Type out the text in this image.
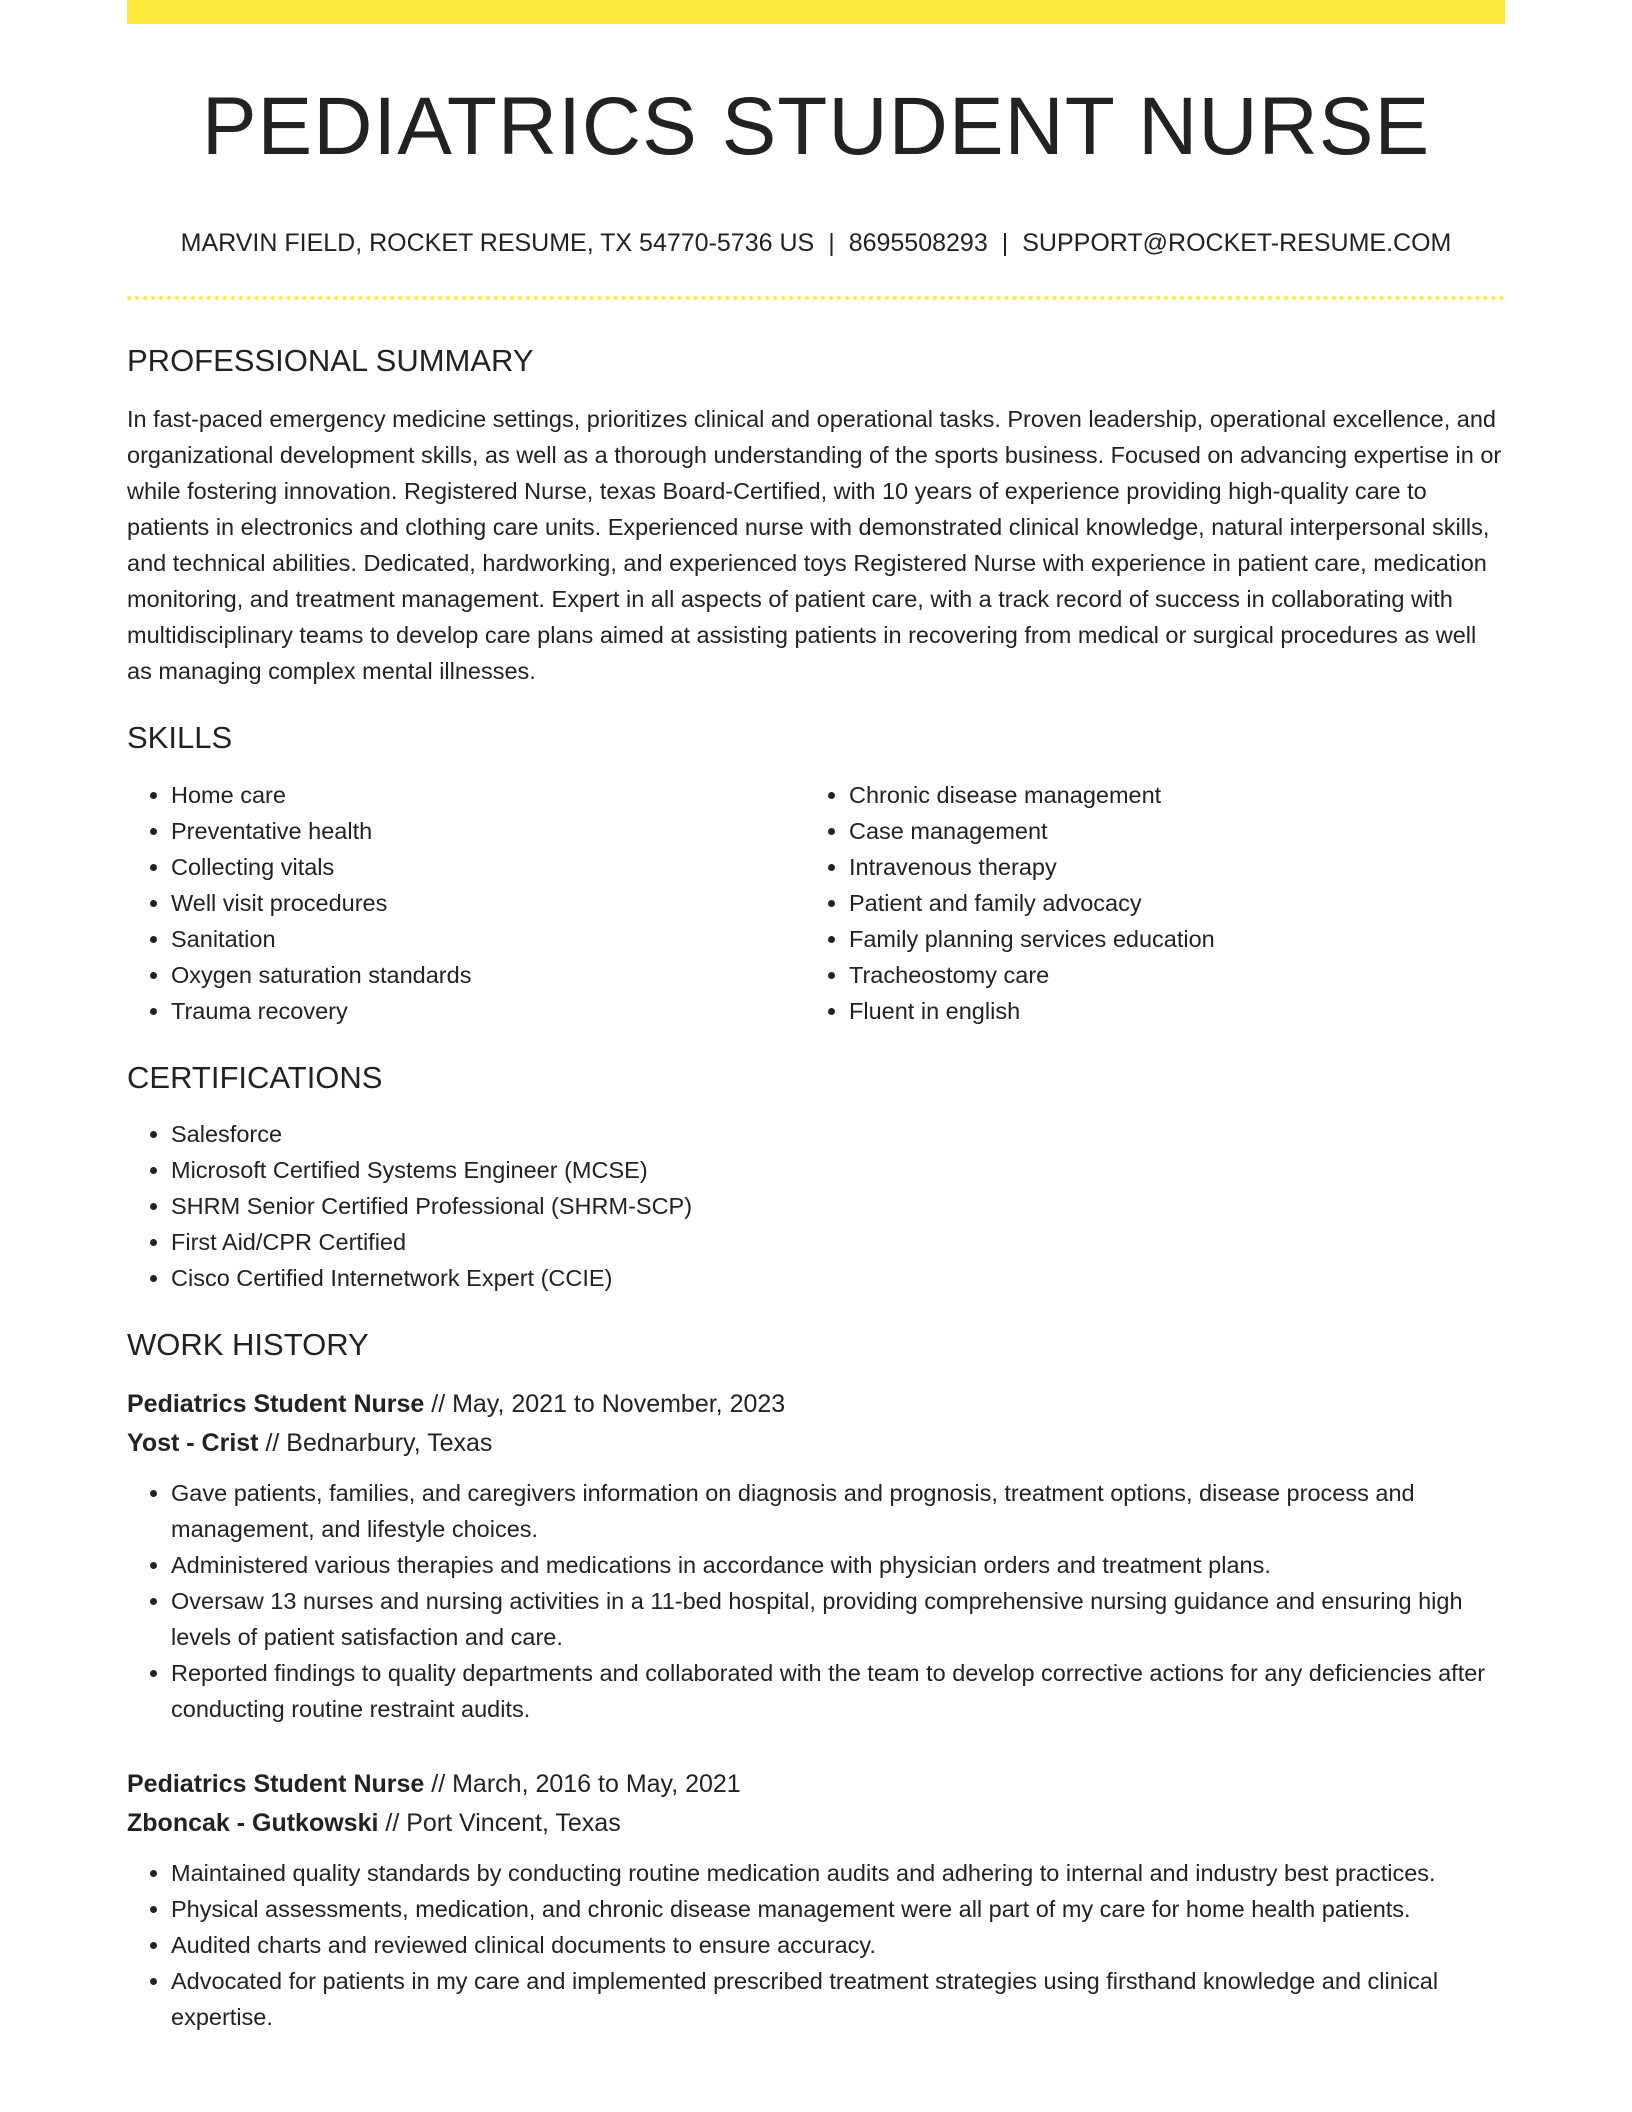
PEDIATRICS STUDENT NURSE
MARVIN FIELD, ROCKET RESUME, TX 54770-5736 US | 8695508293 | SUPPORT@ROCKET-RESUME.COM
PROFESSIONAL SUMMARY
In fast-paced emergency medicine settings, prioritizes clinical and operational tasks. Proven leadership, operational excellence, and organizational development skills, as well as a thorough understanding of the sports business. Focused on advancing expertise in or while fostering innovation. Registered Nurse, texas Board-Certified, with 10 years of experience providing high-quality care to patients in electronics and clothing care units. Experienced nurse with demonstrated clinical knowledge, natural interpersonal skills, and technical abilities. Dedicated, hardworking, and experienced toys Registered Nurse with experience in patient care, medication monitoring, and treatment management. Expert in all aspects of patient care, with a track record of success in collaborating with multidisciplinary teams to develop care plans aimed at assisting patients in recovering from medical or surgical procedures as well as managing complex mental illnesses.
SKILLS
• Home care
• Preventative health
• Collecting vitals
• Well visit procedures
• Sanitation
• Oxygen saturation standards
• Trauma recovery
• Chronic disease management
• Case management
• Intravenous therapy
• Patient and family advocacy
• Family planning services education
• Tracheostomy care
• Fluent in english
CERTIFICATIONS
• Salesforce
• Microsoft Certified Systems Engineer (MCSE)
• SHRM Senior Certified Professional (SHRM-SCP)
• First Aid/CPR Certified
• Cisco Certified Internetwork Expert (CCIE)
WORK HISTORY
Pediatrics Student Nurse // May, 2021 to November, 2023
Yost - Crist // Bednarbury, Texas
• Gave patients, families, and caregivers information on diagnosis and prognosis, treatment options, disease process and management, and lifestyle choices.
• Administered various therapies and medications in accordance with physician orders and treatment plans.
• Oversaw 13 nurses and nursing activities in a 11-bed hospital, providing comprehensive nursing guidance and ensuring high levels of patient satisfaction and care.
• Reported findings to quality departments and collaborated with the team to develop corrective actions for any deficiencies after conducting routine restraint audits.
Pediatrics Student Nurse // March, 2016 to May, 2021
Zboncak - Gutkowski // Port Vincent, Texas
• Maintained quality standards by conducting routine medication audits and adhering to internal and industry best practices.
• Physical assessments, medication, and chronic disease management were all part of my care for home health patients.
• Audited charts and reviewed clinical documents to ensure accuracy.
• Advocated for patients in my care and implemented prescribed treatment strategies using firsthand knowledge and clinical expertise.
